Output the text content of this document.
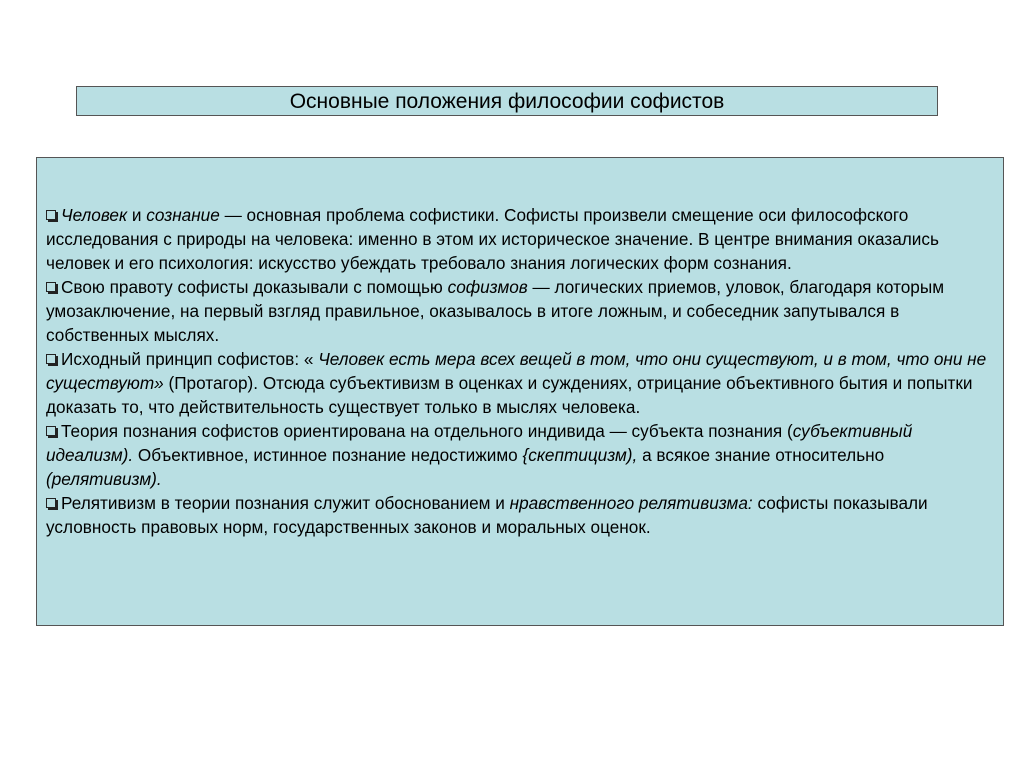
Основные положения философии софистов

Человек и сознание — основная проблема софистики. Софисты произвели смещение оси философского исследования с природы на человека: именно в этом их историческое значение. В центре внимания оказались человек и его психология: искусство убеждать требовало знания логических форм сознания.

Свою правоту софисты доказывали с помощью софизмов — логических приемов, уловок, благодаря которым умозаключение, на первый взгляд правильное, оказывалось в итоге ложным, и собеседник запутывался в собственных мыслях.

Исходный принцип софистов: « Человек есть мера всех вещей в том, что они существуют, и в том, что они не существуют» (Протагор). Отсюда субъективизм в оценках и суждениях, отрицание объективного бытия и попытки доказать то, что действительность существует только в мыслях человека.

Теория познания софистов ориентирована на отдельного индивида — субъекта познания (субъективный идеализм). Объективное, истинное познание недостижимо {скептицизм), а всякое знание относительно (релятивизм).

Релятивизм в теории познания служит обоснованием и нравственного релятивизма: софисты показывали условность правовых норм, государственных законов и моральных оценок.
